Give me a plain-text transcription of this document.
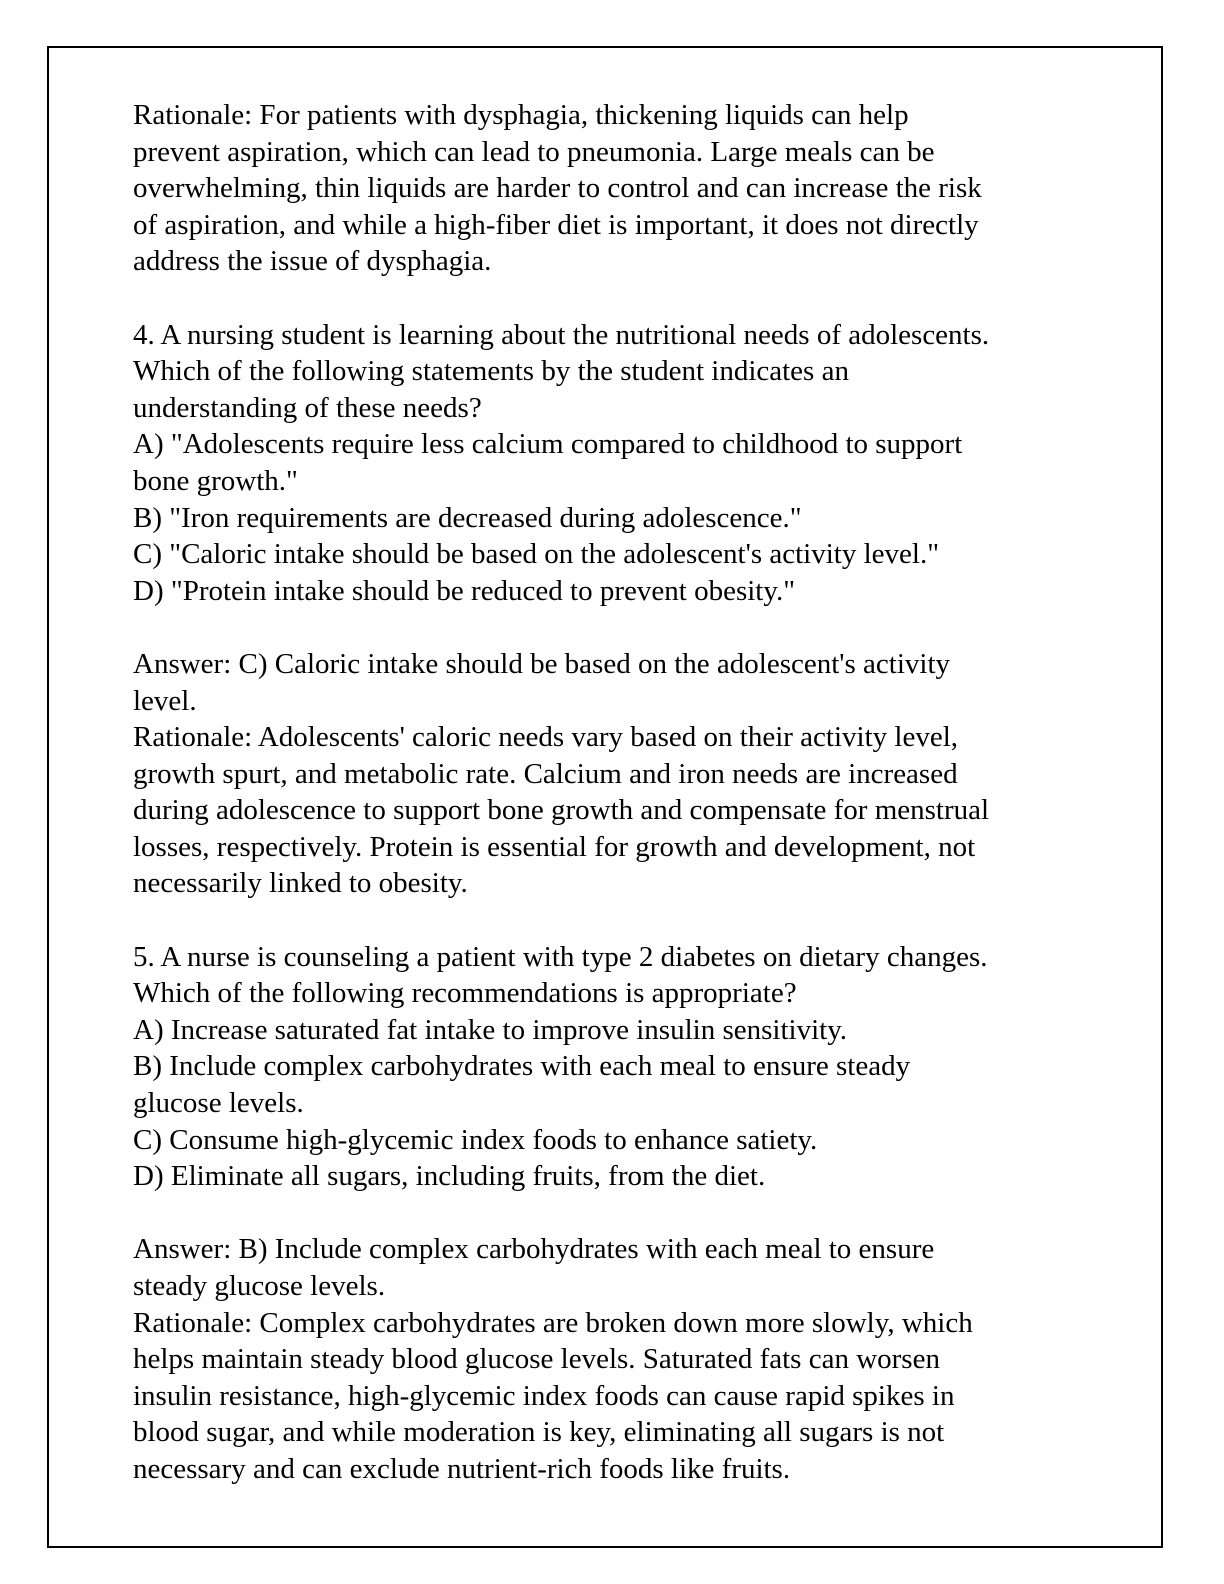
Rationale: For patients with dysphagia, thickening liquids can help
prevent aspiration, which can lead to pneumonia. Large meals can be
overwhelming, thin liquids are harder to control and can increase the risk
of aspiration, and while a high-fiber diet is important, it does not directly
address the issue of dysphagia.
4. A nursing student is learning about the nutritional needs of adolescents.
Which of the following statements by the student indicates an
understanding of these needs?
A) "Adolescents require less calcium compared to childhood to support
bone growth."
B) "Iron requirements are decreased during adolescence."
C) "Caloric intake should be based on the adolescent's activity level."
D) "Protein intake should be reduced to prevent obesity."
Answer: C) Caloric intake should be based on the adolescent's activity
level.
Rationale: Adolescents' caloric needs vary based on their activity level,
growth spurt, and metabolic rate. Calcium and iron needs are increased
during adolescence to support bone growth and compensate for menstrual
losses, respectively. Protein is essential for growth and development, not
necessarily linked to obesity.
5. A nurse is counseling a patient with type 2 diabetes on dietary changes.
Which of the following recommendations is appropriate?
A) Increase saturated fat intake to improve insulin sensitivity.
B) Include complex carbohydrates with each meal to ensure steady
glucose levels.
C) Consume high-glycemic index foods to enhance satiety.
D) Eliminate all sugars, including fruits, from the diet.
Answer: B) Include complex carbohydrates with each meal to ensure
steady glucose levels.
Rationale: Complex carbohydrates are broken down more slowly, which
helps maintain steady blood glucose levels. Saturated fats can worsen
insulin resistance, high-glycemic index foods can cause rapid spikes in
blood sugar, and while moderation is key, eliminating all sugars is not
necessary and can exclude nutrient-rich foods like fruits.
